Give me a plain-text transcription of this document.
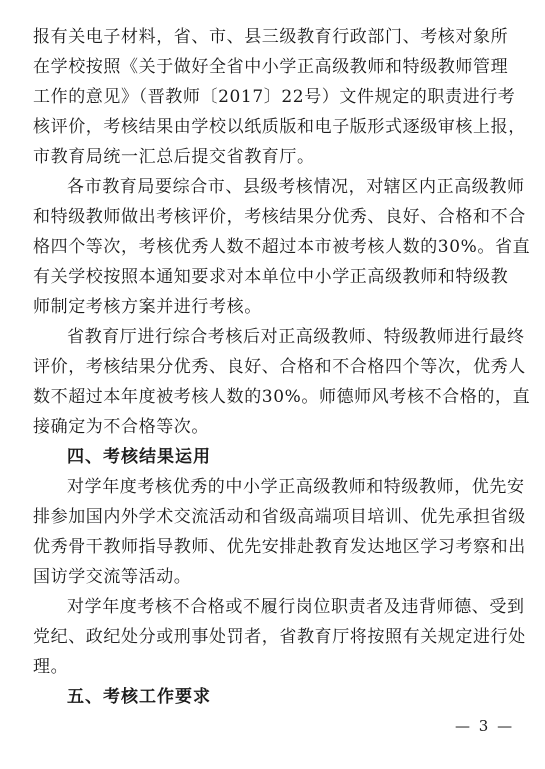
报有关电子材料，省、市、县三级教育行政部门、考核对象所
在学校按照《关于做好全省中小学正高级教师和特级教师管理
工作的意见》（晋教师〔2017〕22号）文件规定的职责进行考
核评价，考核结果由学校以纸质版和电子版形式逐级审核上报，
市教育局统一汇总后提交省教育厅。
各市教育局要综合市、县级考核情况，对辖区内正高级教师
和特级教师做出考核评价，考核结果分优秀、良好、合格和不合
格四个等次，考核优秀人数不超过本市被考核人数的30%。省直
有关学校按照本通知要求对本单位中小学正高级教师和特级教
师制定考核方案并进行考核。
省教育厅进行综合考核后对正高级教师、特级教师进行最终
评价，考核结果分优秀、良好、合格和不合格四个等次，优秀人
数不超过本年度被考核人数的30%。师德师风考核不合格的，直
接确定为不合格等次。
四、考核结果运用
对学年度考核优秀的中小学正高级教师和特级教师，优先安
排参加国内外学术交流活动和省级高端项目培训、优先承担省级
优秀骨干教师指导教师、优先安排赴教育发达地区学习考察和出
国访学交流等活动。
对学年度考核不合格或不履行岗位职责者及违背师德、受到
党纪、政纪处分或刑事处罚者，省教育厅将按照有关规定进行处
理。
五、考核工作要求
— 3 —
